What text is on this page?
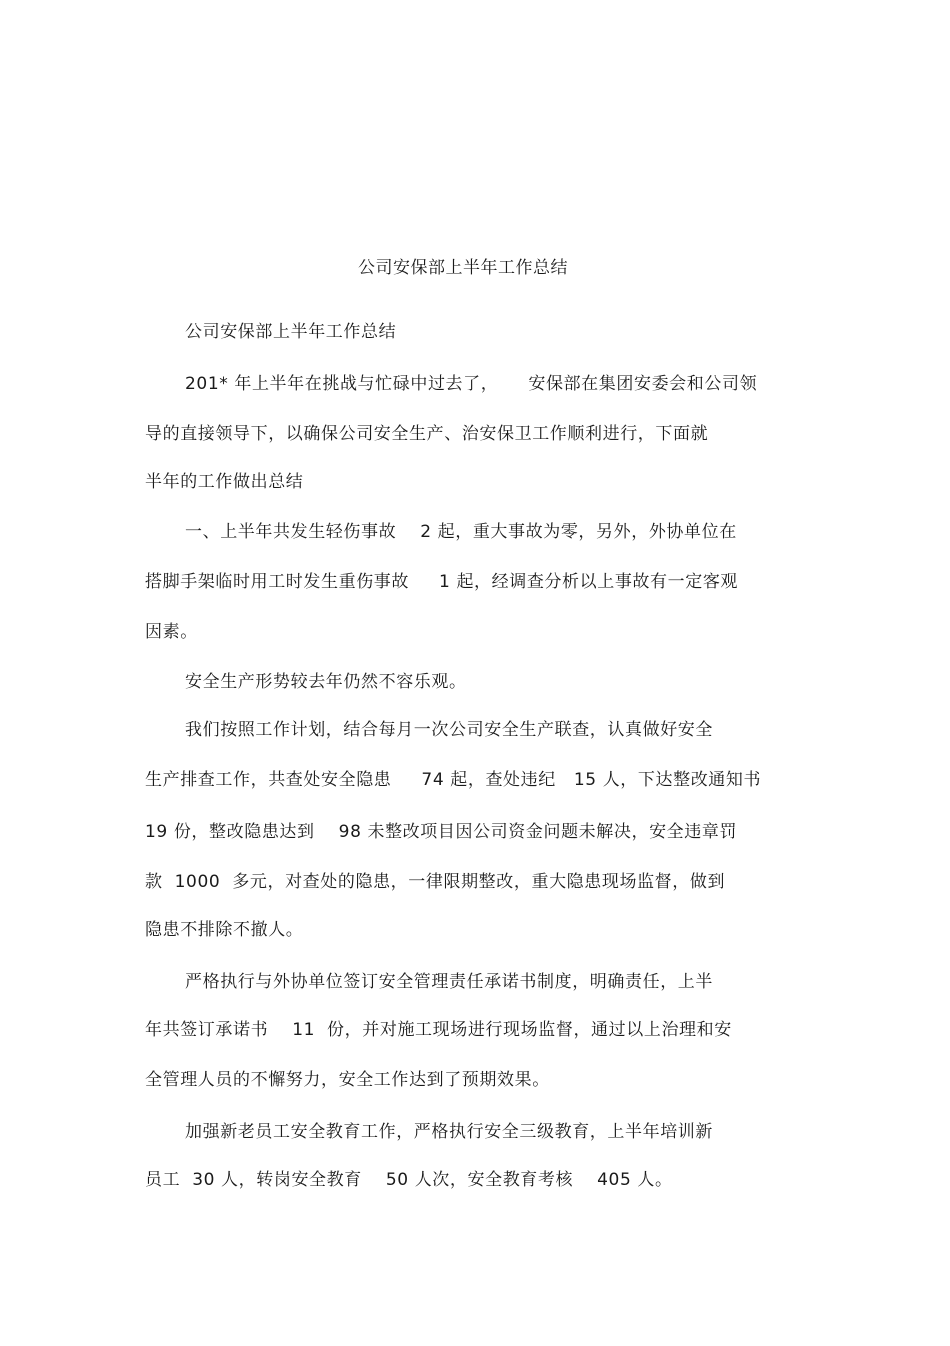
公司安保部上半年工作总结
公司安保部上半年工作总结
201* 年上半年在挑战与忙碌中过去了，     安保部在集团安委会和公司领
导的直接领导下，以确保公司安全生产、治安保卫工作顺利进行，下面就
半年的工作做出总结
一、上半年共发生轻伤事故    2 起，重大事故为零，另外，外协单位在
搭脚手架临时用工时发生重伤事故     1 起，经调查分析以上事故有一定客观
因素。
安全生产形势较去年仍然不容乐观。
我们按照工作计划，结合每月一次公司安全生产联查，认真做好安全
生产排查工作，共查处安全隐患     74 起，查处违纪   15 人，下达整改通知书
19 份，整改隐患达到    98 未整改项目因公司资金问题未解决，安全违章罚
款  1000  多元，对查处的隐患，一律限期整改，重大隐患现场监督，做到
隐患不排除不撤人。
严格执行与外协单位签订安全管理责任承诺书制度，明确责任，上半
年共签订承诺书    11  份，并对施工现场进行现场监督，通过以上治理和安
全管理人员的不懈努力，安全工作达到了预期效果。
加强新老员工安全教育工作，严格执行安全三级教育，上半年培训新
员工  30 人，转岗安全教育    50 人次，安全教育考核    405 人。
